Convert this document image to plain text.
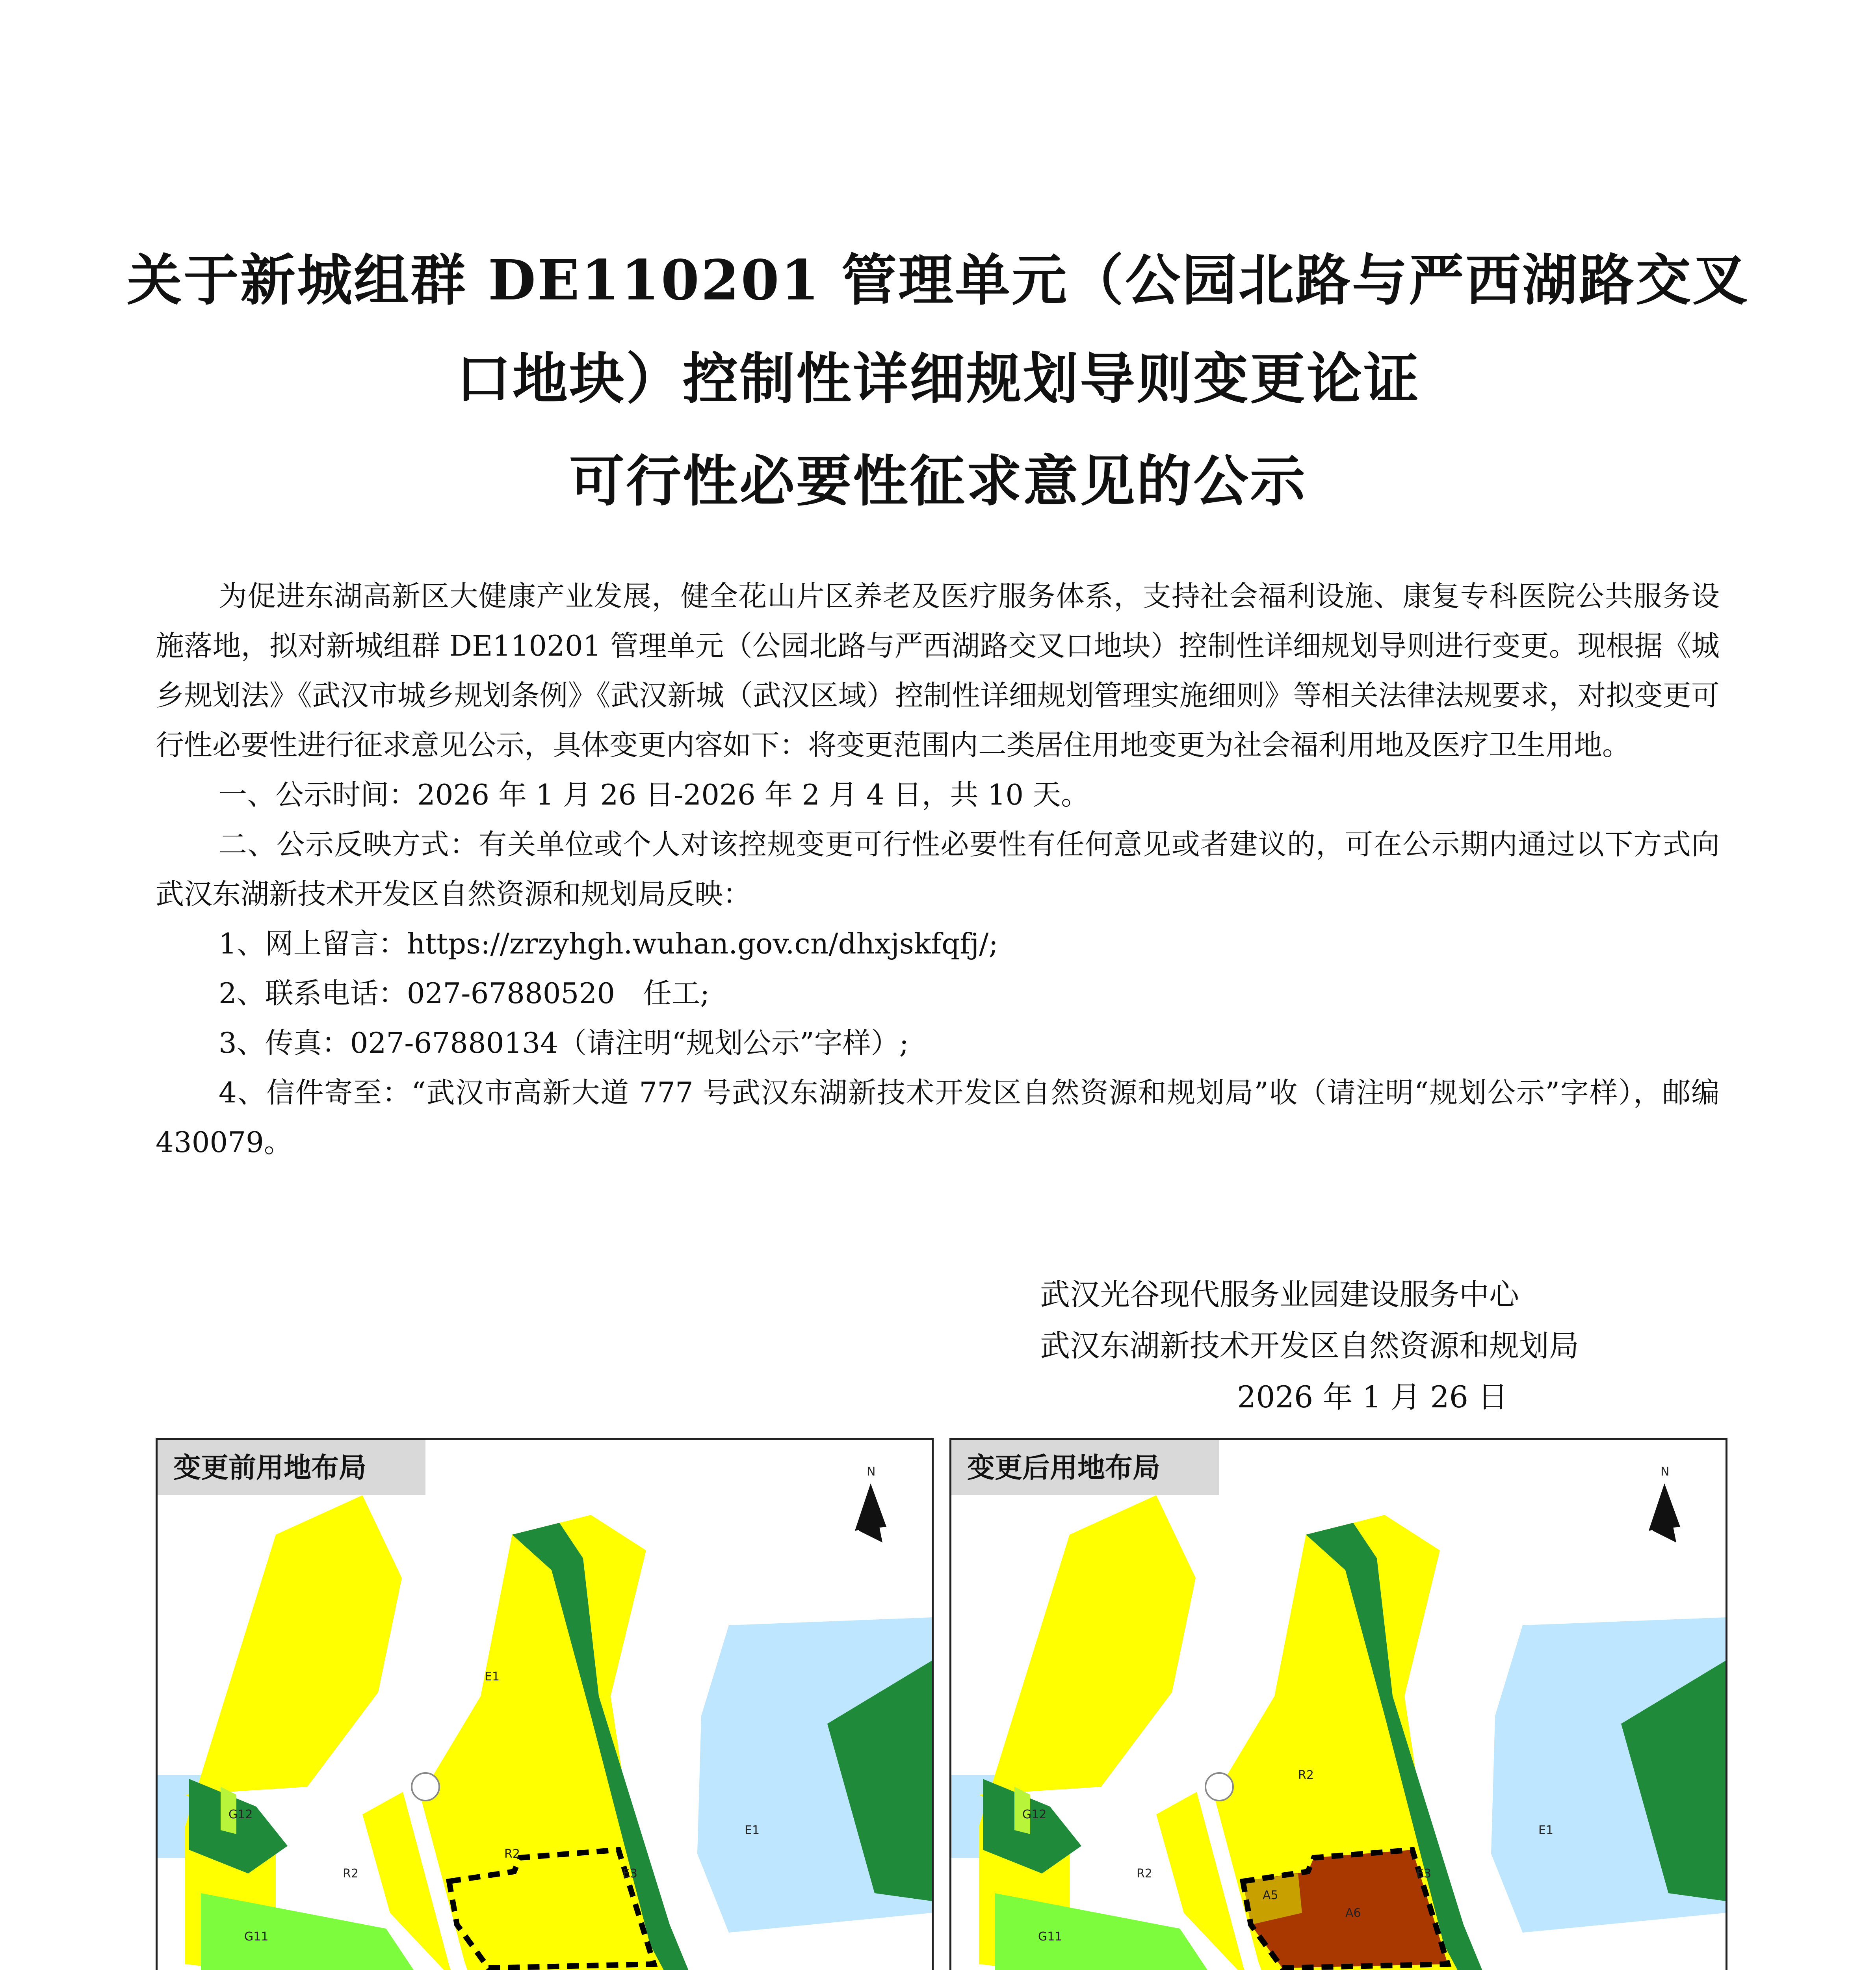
关于新城组群 DE110201 管理单元（公园北路与严西湖路交叉
口地块）控制性详细规划导则变更论证
可行性必要性征求意见的公示

为促进东湖高新区大健康产业发展，健全花山片区养老及医疗服务体系，支持社会福利设施、康复专科医院公共服务设施落地，拟对新城组群 DE110201 管理单元（公园北路与严西湖路交叉口地块）控制性详细规划导则进行变更。现根据《城乡规划法》《武汉市城乡规划条例》《武汉新城（武汉区域）控制性详细规划管理实施细则》等相关法律法规要求，对拟变更可行性必要性进行征求意见公示，具体变更内容如下：将变更范围内二类居住用地变更为社会福利用地及医疗卫生用地。

一、公示时间：2026 年 1 月 26 日-2026 年 2 月 4 日，共 10 天。

二、公示反映方式：有关单位或个人对该控规变更可行性必要性有任何意见或者建议的，可在公示期内通过以下方式向武汉东湖新技术开发区自然资源和规划局反映：

1、网上留言：https://zrzyhgh.wuhan.gov.cn/dhxjskfqfj/;

2、联系电话：027-67880520　任工;

3、传真：027-67880134（请注明“规划公示”字样）;

4、信件寄至：“武汉市高新大道 777 号武汉东湖新技术开发区自然资源和规划局”收（请注明“规划公示”字样），邮编 430079。

武汉光谷现代服务业园建设服务中心
武汉东湖新技术开发区自然资源和规划局
2026 年 1 月 26 日
变更前用地布局
R2
R2	E3
E1
E1
G12
G11
N	变更后用地布局
A6
A5
R2
R2	E3
E1
G12
G11
N
